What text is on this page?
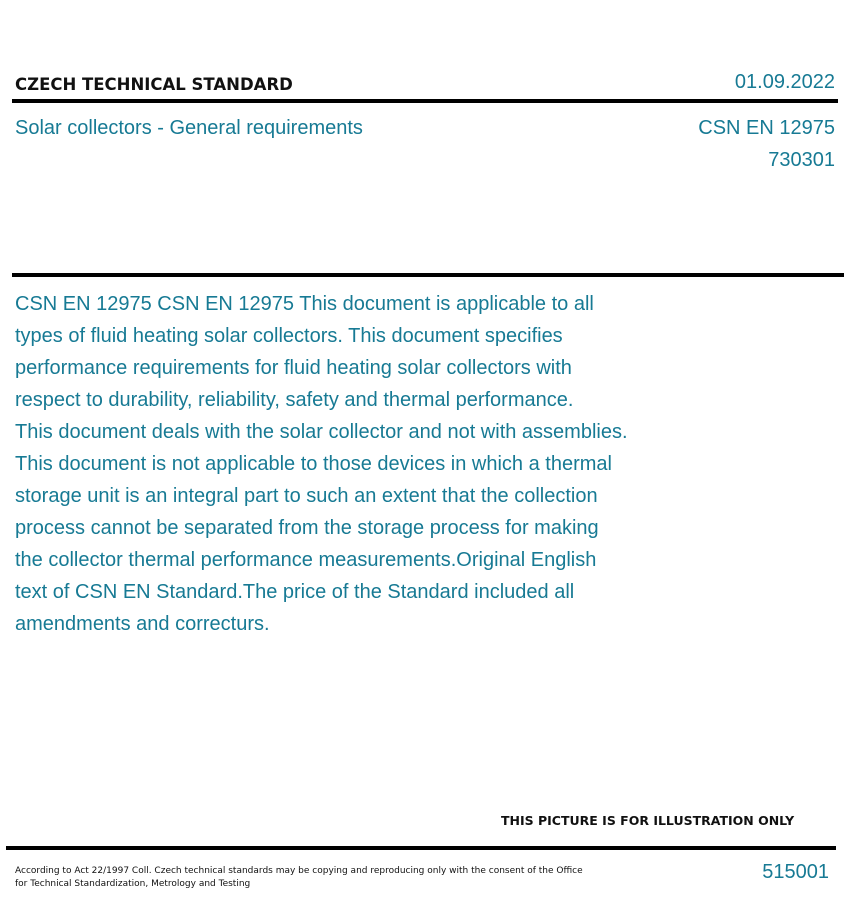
CZECH TECHNICAL STANDARD	01.09.2022
Solar collectors - General requirements	CSN EN 12975
730301
CSN EN 12975 CSN EN 12975 This document is applicable to all
types of fluid heating solar collectors. This document specifies
performance requirements for fluid heating solar collectors with
respect to durability, reliability, safety and thermal performance.
This document deals with the solar collector and not with assemblies.
This document is not applicable to those devices in which a thermal
storage unit is an integral part to such an extent that the collection
process cannot be separated from the storage process for making
the collector thermal performance measurements.Original English
text of CSN EN Standard.The price of the Standard included all
amendments and correcturs.
THIS PICTURE IS FOR ILLUSTRATION ONLY
According to Act 22/1997 Coll. Czech technical standards may be copying and reproducing only with the consent of the Office
for Technical Standardization, Metrology and Testing
515001
